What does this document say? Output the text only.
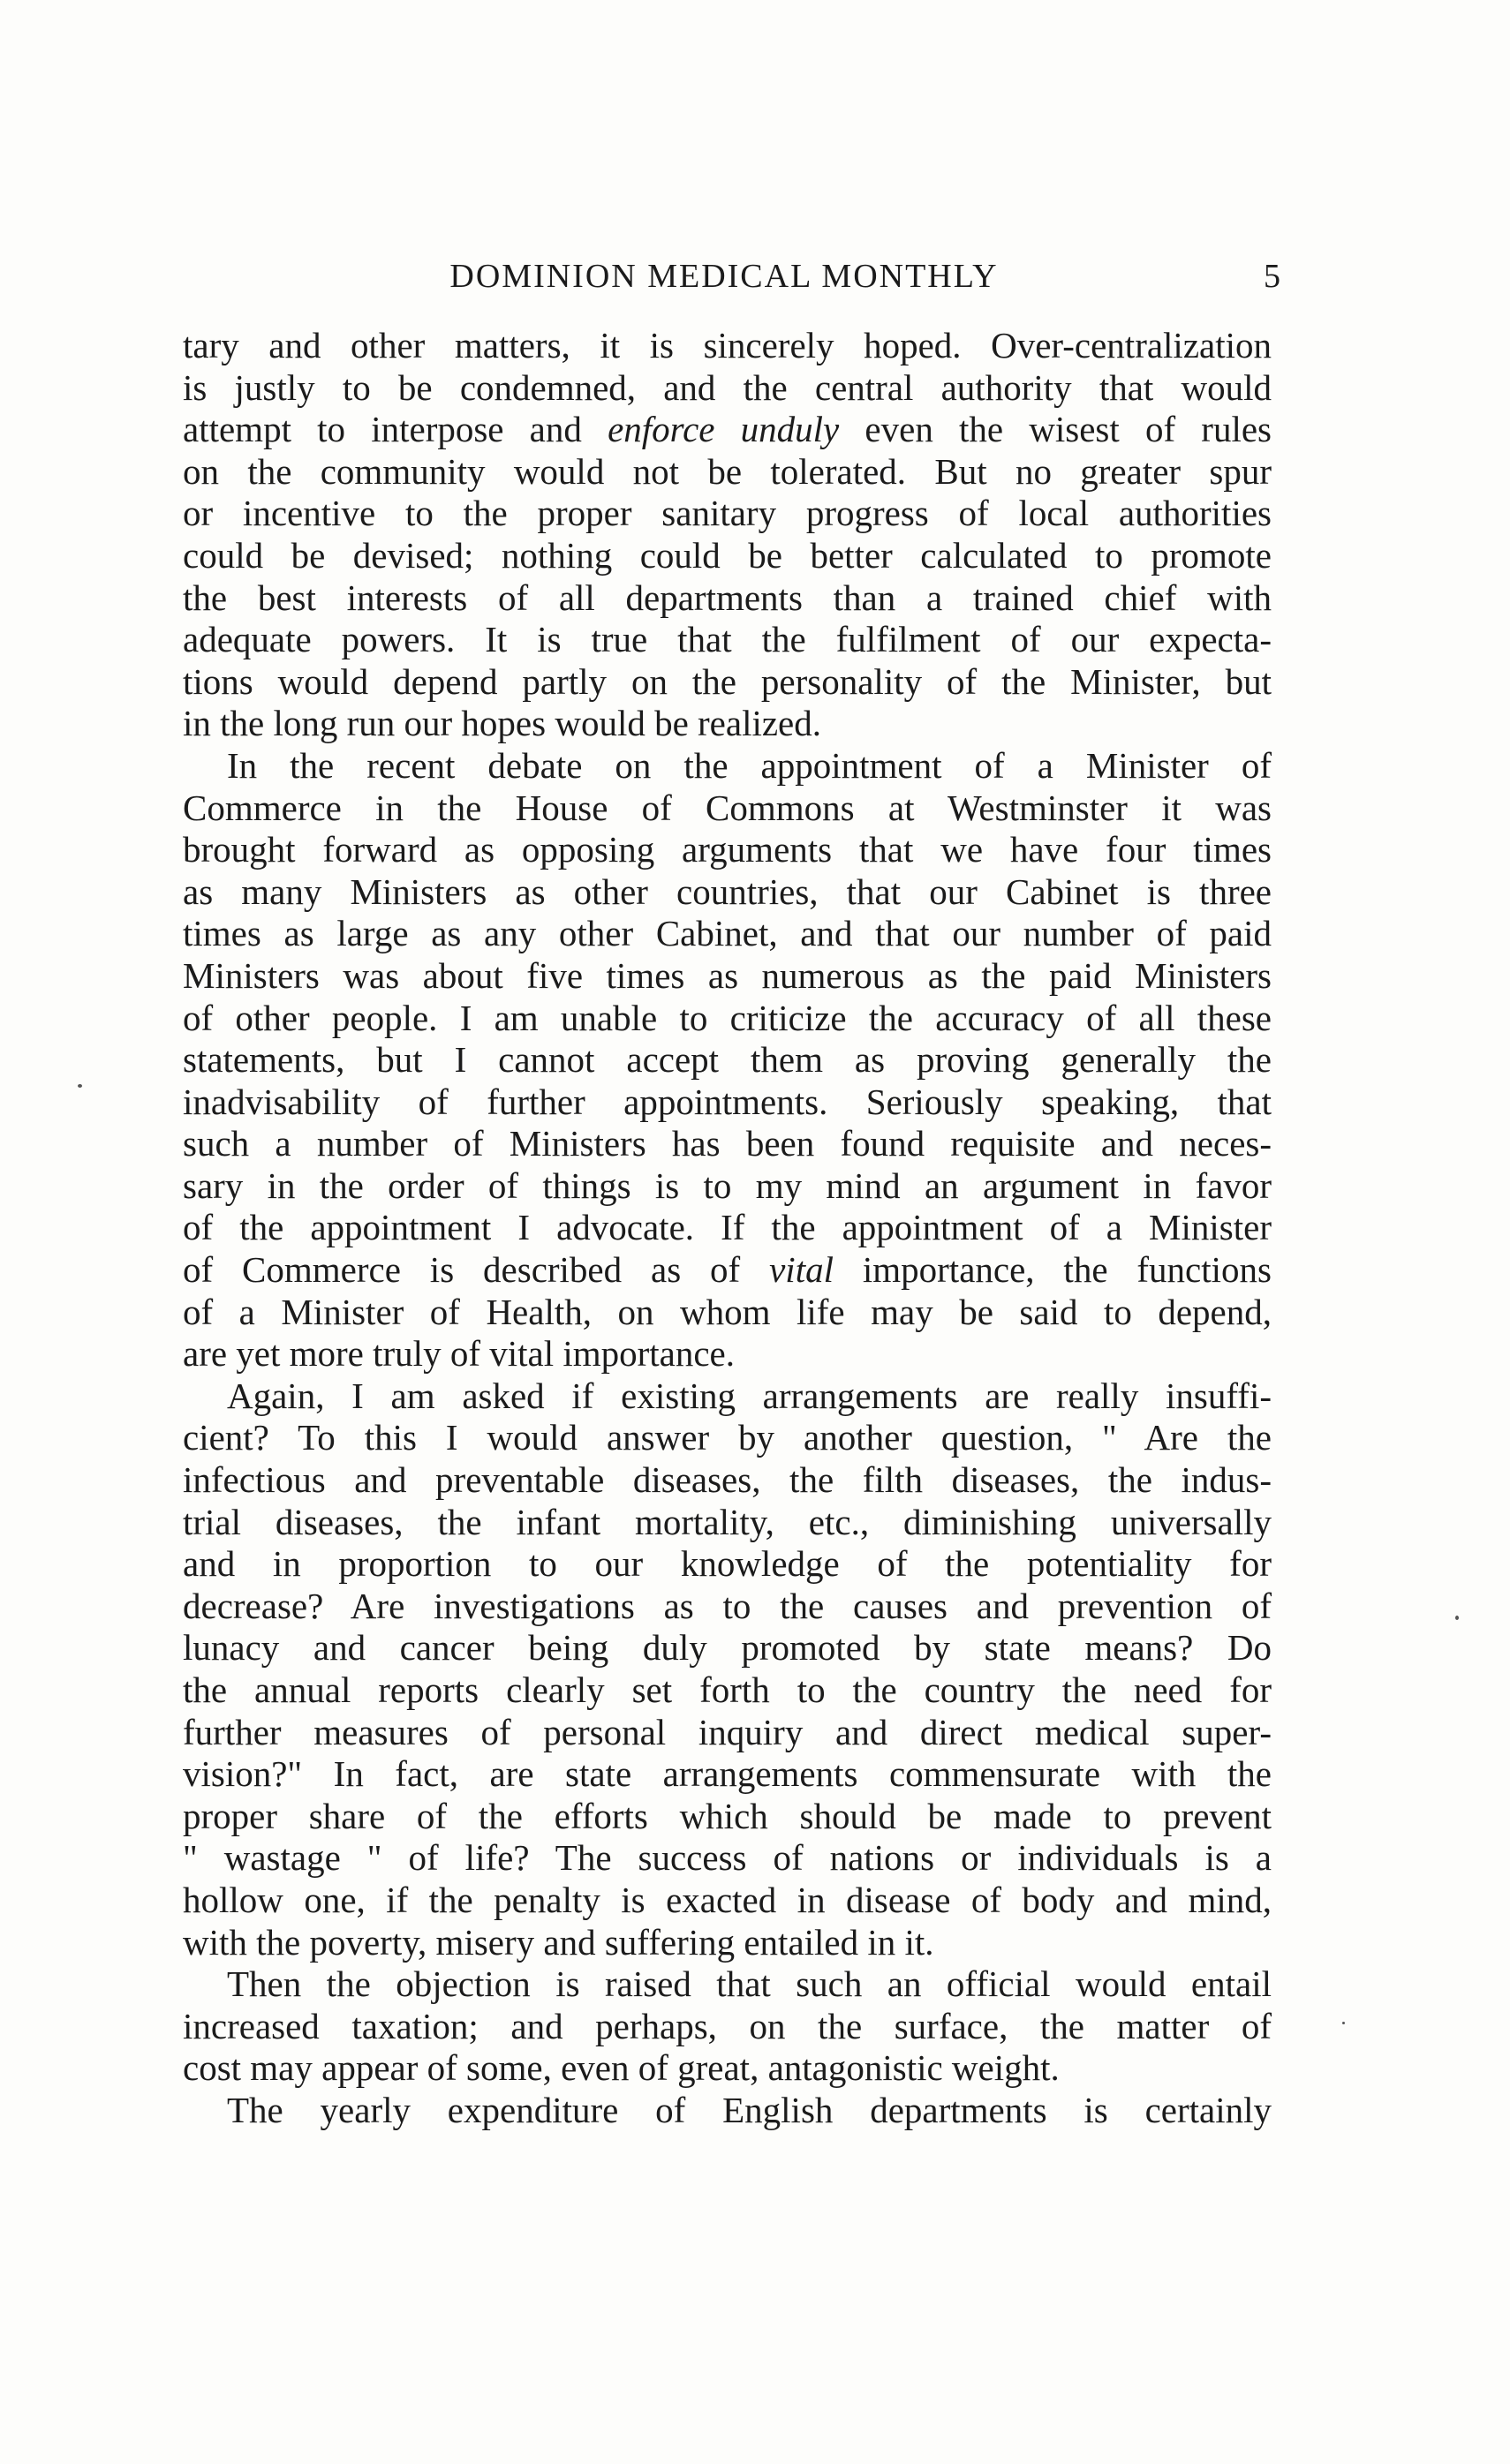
DOMINION MEDICAL MONTHLY	5

tary and other matters, it is sincerely hoped. Over-centralization
is justly to be condemned, and the central authority that would
attempt to interpose and enforce unduly even the wisest of rules
on the community would not be tolerated. But no greater spur
or incentive to the proper sanitary progress of local authorities
could be devised; nothing could be better calculated to promote
the best interests of all departments than a trained chief with
adequate powers. It is true that the fulfilment of our expecta-
tions would depend partly on the personality of the Minister, but
in the long run our hopes would be realized.

In the recent debate on the appointment of a Minister of
Commerce in the House of Commons at Westminster it was
brought forward as opposing arguments that we have four times
as many Ministers as other countries, that our Cabinet is three
times as large as any other Cabinet, and that our number of paid
Ministers was about five times as numerous as the paid Ministers
of other people. I am unable to criticize the accuracy of all these
statements, but I cannot accept them as proving generally the
inadvisability of further appointments. Seriously speaking, that
such a number of Ministers has been found requisite and neces-
sary in the order of things is to my mind an argument in favor
of the appointment I advocate. If the appointment of a Minister
of Commerce is described as of vital importance, the functions
of a Minister of Health, on whom life may be said to depend,
are yet more truly of vital importance.

Again, I am asked if existing arrangements are really insuffi-
cient? To this I would answer by another question, " Are the
infectious and preventable diseases, the filth diseases, the indus-
trial diseases, the infant mortality, etc., diminishing universally
and in proportion to our knowledge of the potentiality for
decrease? Are investigations as to the causes and prevention of
lunacy and cancer being duly promoted by state means? Do
the annual reports clearly set forth to the country the need for
further measures of personal inquiry and direct medical super-
vision?" In fact, are state arrangements commensurate with the
proper share of the efforts which should be made to prevent
" wastage " of life? The success of nations or individuals is a
hollow one, if the penalty is exacted in disease of body and mind,
with the poverty, misery and suffering entailed in it.

Then the objection is raised that such an official would entail
increased taxation; and perhaps, on the surface, the matter of
cost may appear of some, even of great, antagonistic weight.

The yearly expenditure of English departments is certainly
